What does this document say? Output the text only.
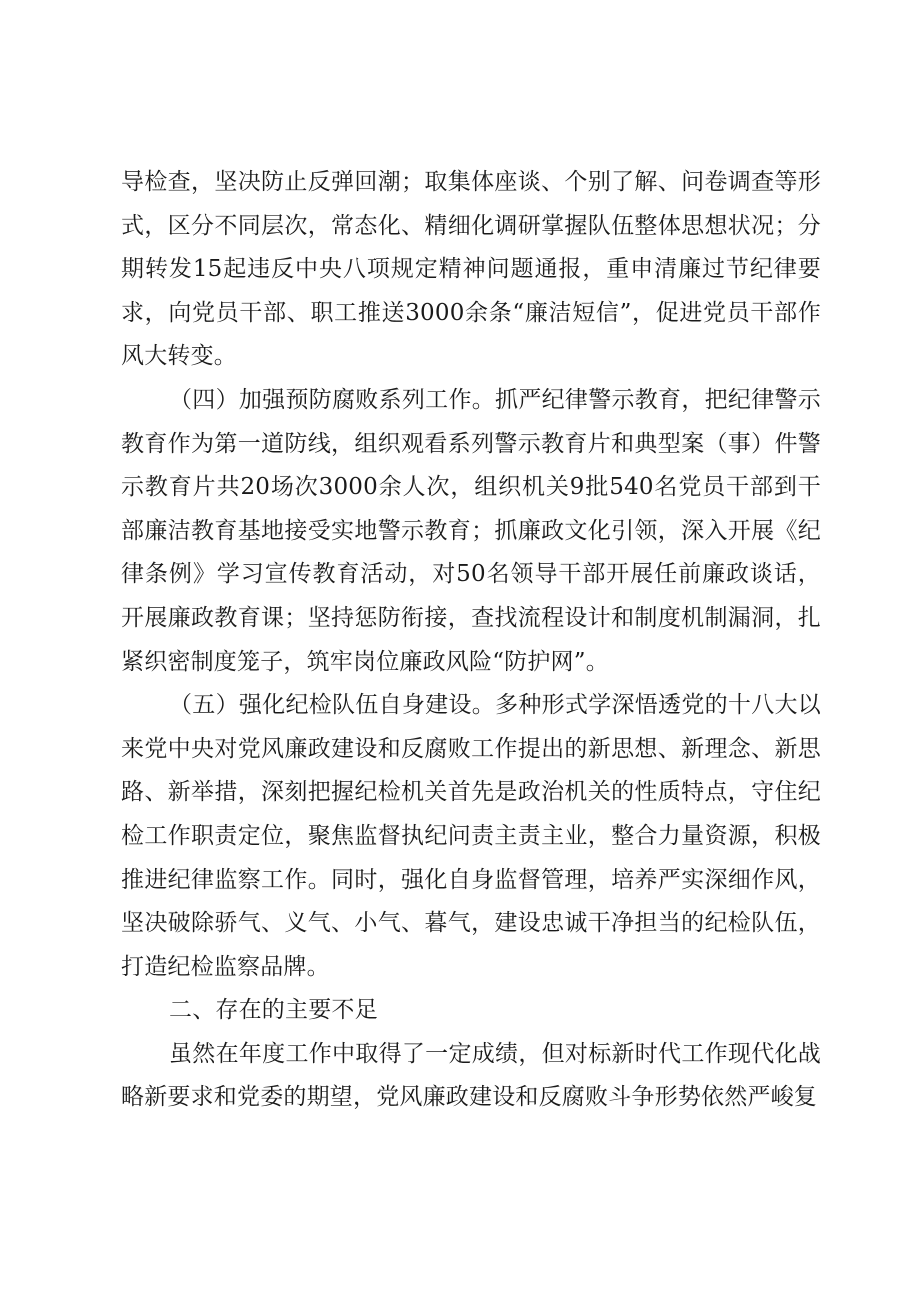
导检查，坚决防止反弹回潮；取集体座谈、个别了解、问卷调查等形式，区分不同层次，常态化、精细化调研掌握队伍整体思想状况；分期转发15起违反中央八项规定精神问题通报，重申清廉过节纪律要求，向党员干部、职工推送3000余条“廉洁短信”，促进党员干部作风大转变。

（四）加强预防腐败系列工作。抓严纪律警示教育，把纪律警示教育作为第一道防线，组织观看系列警示教育片和典型案（事）件警示教育片共20场次3000余人次，组织机关9批540名党员干部到干部廉洁教育基地接受实地警示教育；抓廉政文化引领，深入开展《纪律条例》学习宣传教育活动，对50名领导干部开展任前廉政谈话，开展廉政教育课；坚持惩防衔接，查找流程设计和制度机制漏洞，扎紧织密制度笼子，筑牢岗位廉政风险“防护网”。

（五）强化纪检队伍自身建设。多种形式学深悟透党的十八大以来党中央对党风廉政建设和反腐败工作提出的新思想、新理念、新思路、新举措，深刻把握纪检机关首先是政治机关的性质特点，守住纪检工作职责定位，聚焦监督执纪问责主责主业，整合力量资源，积极推进纪律监察工作。同时，强化自身监督管理，培养严实深细作风，坚决破除骄气、义气、小气、暮气，建设忠诚干净担当的纪检队伍，打造纪检监察品牌。

二、存在的主要不足

虽然在年度工作中取得了一定成绩，但对标新时代工作现代化战略新要求和党委的期望，党风廉政建设和反腐败斗争形势依然严峻复
